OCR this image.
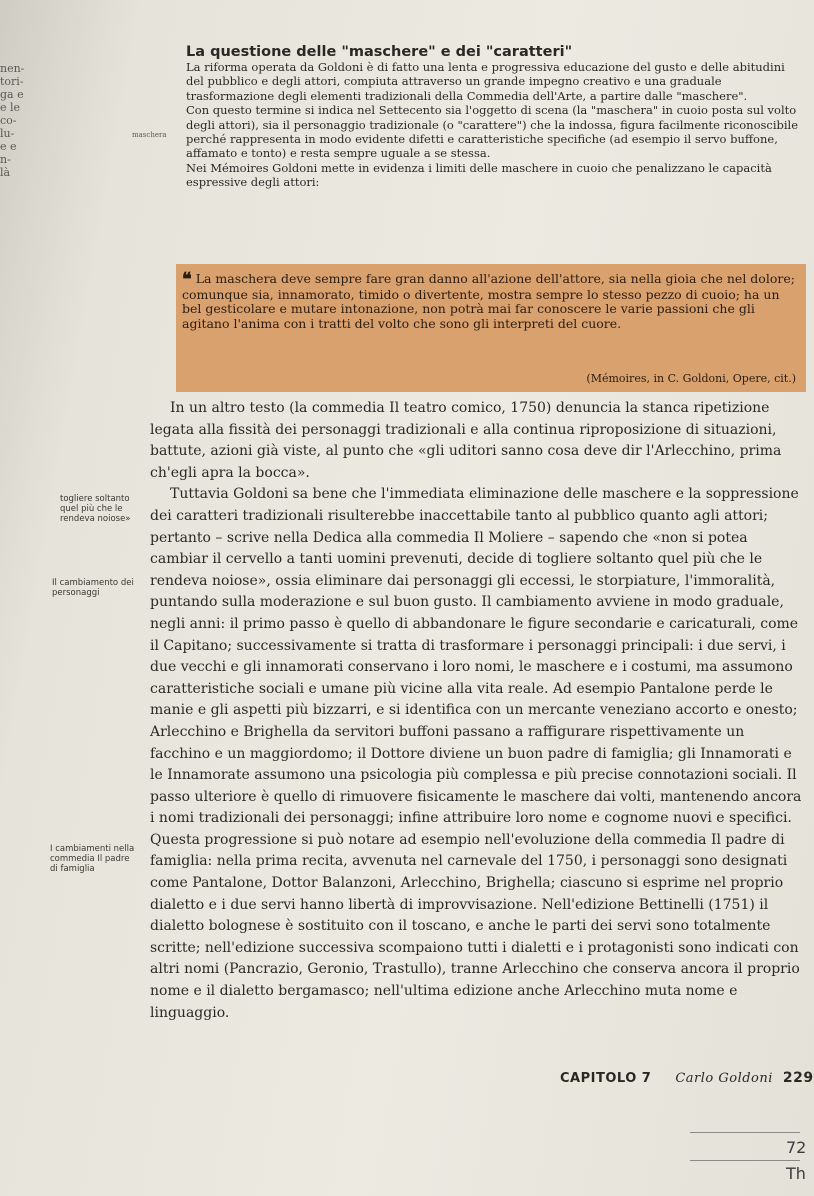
nen-
tori-
ga e
e le
co-
lu-
e e
n-
là
La questione delle "maschere" e dei "caratteri"

La riforma operata da Goldoni è di fatto una lenta e progressiva educazione del gusto e delle abitudini del pubblico e degli attori, compiuta attraverso un grande impegno creativo e una graduale trasformazione degli elementi tradizionali della Commedia dell'Arte, a partire dalle "maschere".

Con questo termine si indica nel Settecento sia l'oggetto di scena (la "maschera" in cuoio posta sul volto degli attori), sia il personaggio tradizionale (o "carattere") che la indossa, figura facilmente riconoscibile perché rappresenta in modo evidente difetti e caratteristiche specifiche (ad esempio il servo buffone, affamato e tonto) e resta sempre uguale a se stessa.

Nei Mémoires Goldoni mette in evidenza i limiti delle maschere in cuoio che penalizzano le capacità espressive degli attori:

maschera
❝ La maschera deve sempre fare gran danno all'azione dell'attore, sia nella gioia che nel dolore; comunque sia, innamorato, timido o divertente, mostra sempre lo stesso pezzo di cuoio; ha un bel gesticolare e mutare intonazione, non potrà mai far conoscere le varie passioni che gli agitano l'anima con i tratti del volto che sono gli interpreti del cuore.
(Mémoires, in C. Goldoni, Opere, cit.)

In un altro testo (la commedia Il teatro comico, 1750) denuncia la stanca ripetizione legata alla fissità dei personaggi tradizionali e alla continua riproposizione di situazioni, battute, azioni già viste, al punto che «gli uditori sanno cosa deve dir l'Arlecchino, prima ch'egli apra la bocca».

Tuttavia Goldoni sa bene che l'immediata eliminazione delle maschere e la soppressione dei caratteri tradizionali risulterebbe inaccettabile tanto al pubblico quanto agli attori; pertanto – scrive nella Dedica alla commedia Il Moliere – sapendo che «non si potea cambiar il cervello a tanti uomini prevenuti, decide di togliere soltanto quel più che le rendeva noiose», ossia eliminare dai personaggi gli eccessi, le storpiature, l'immoralità, puntando sulla moderazione e sul buon gusto. Il cambiamento avviene in modo graduale, negli anni: il primo passo è quello di abbandonare le figure secondarie e caricaturali, come il Capitano; successivamente si tratta di trasformare i personaggi principali: i due servi, i due vecchi e gli innamorati conservano i loro nomi, le maschere e i costumi, ma assumono caratteristiche sociali e umane più vicine alla vita reale. Ad esempio Pantalone perde le manie e gli aspetti più bizzarri, e si identifica con un mercante veneziano accorto e onesto; Arlecchino e Brighella da servitori buffoni passano a raffigurare rispettivamente un facchino e un maggiordomo; il Dottore diviene un buon padre di famiglia; gli Innamorati e le Innamorate assumono una psicologia più complessa e più precise connotazioni sociali. Il passo ulteriore è quello di rimuovere fisicamente le maschere dai volti, mantenendo ancora i nomi tradizionali dei personaggi; infine attribuire loro nome e cognome nuovi e specifici. Questa progressione si può notare ad esempio nell'evoluzione della commedia Il padre di famiglia: nella prima recita, avvenuta nel carnevale del 1750, i personaggi sono designati come Pantalone, Dottor Balanzoni, Arlecchino, Brighella; ciascuno si esprime nel proprio dialetto e i due servi hanno libertà di improvvisazione. Nell'edizione Bettinelli (1751) il dialetto bolognese è sostituito con il toscano, e anche le parti dei servi sono totalmente scritte; nell'edizione successiva scompaiono tutti i dialetti e i protagonisti sono indicati con altri nomi (Pancrazio, Geronio, Trastullo), tranne Arlecchino che conserva ancora il proprio nome e il dialetto bergamasco; nell'ultima edizione anche Arlecchino muta nome e linguaggio.

togliere soltanto quel più che le rendeva noiose»
Il cambiamento dei personaggi
I cambiamenti nella commedia Il padre di famiglia
CAPITOLO 7 Carlo Goldoni 229
72
Th
